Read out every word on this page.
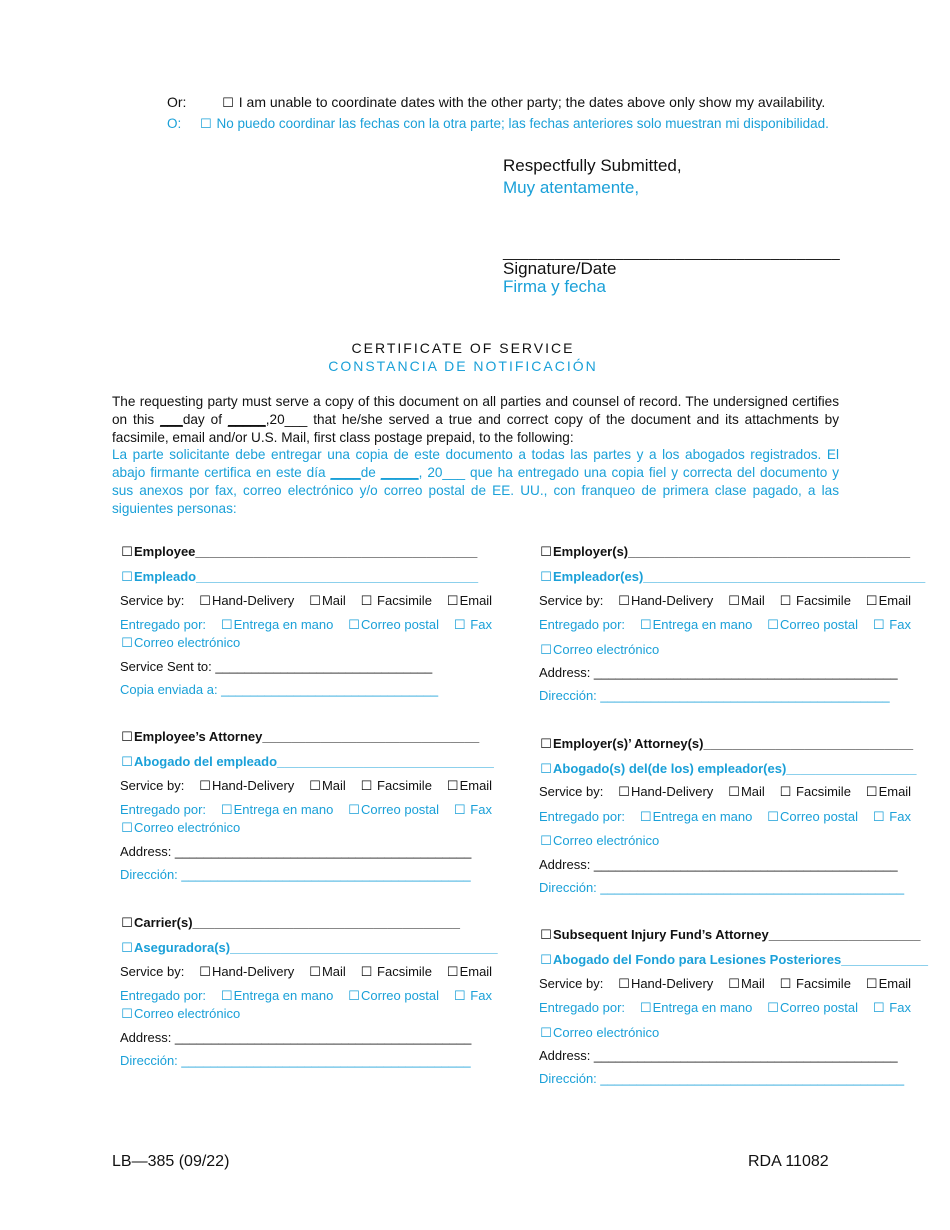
Or:	☐ I am unable to coordinate dates with the other party; the dates above only show my availability.
O: ☐ No puedo coordinar las fechas con la otra parte; las fechas anteriores solo muestran mi disponibilidad.
Respectfully Submitted,
Muy atentamente,
_______________________________________
Signature/Date
Firma y fecha
CERTIFICATE OF SERVICE
CONSTANCIA DE NOTIFICACIÓN
The requesting party must serve a copy of this document on all parties and counsel of record. The undersigned certifies on this ___day of _____,20___ that he/she served a true and correct copy of the document and its attachments by facsimile, email and/or U.S. Mail, first class postage prepaid, to the following:
La parte solicitante debe entregar una copia de este documento a todas las partes y a los abogados registrados. El abajo firmante certifica en este día ____de _____, 20___ que ha entregado una copia fiel y correcta del documento y sus anexos por fax, correo electrónico y/o correo postal de EE. UU., con franqueo de primera clase pagado, a las siguientes personas:
☐Employee_______________________________________
☐Empleado_______________________________________
Service by: ☐Hand-Delivery ☐Mail ☐ Facsimile ☐Email
Entregado por: ☐Entrega en mano ☐Correo postal ☐ Fax
☐Correo electrónico
Service Sent to: ______________________________
Copia enviada a: ______________________________
☐Employee’s Attorney______________________________
☐Abogado del empleado______________________________
Service by: ☐Hand-Delivery ☐Mail ☐ Facsimile ☐Email
Entregado por: ☐Entrega en mano ☐Correo postal ☐ Fax
☐Correo electrónico
Address: _________________________________________
Dirección: ________________________________________
☐Carrier(s)_____________________________________
☐Aseguradora(s)_____________________________________
Service by: ☐Hand-Delivery ☐Mail ☐ Facsimile ☐Email
Entregado por: ☐Entrega en mano ☐Correo postal ☐ Fax
☐Correo electrónico
Address: _________________________________________
Dirección: ________________________________________
☐Employer(s)_______________________________________
☐Empleador(es)_______________________________________
Service by: ☐Hand-Delivery ☐Mail ☐ Facsimile ☐Email
Entregado por: ☐Entrega en mano ☐Correo postal ☐ Fax
☐Correo electrónico
Address: __________________________________________
Dirección: ________________________________________
☐Employer(s)’ Attorney(s)_____________________________
☐Abogado(s) del(de los) empleador(es)__________________
Service by: ☐Hand-Delivery ☐Mail ☐ Facsimile ☐Email
Entregado por: ☐Entrega en mano ☐Correo postal ☐ Fax
☐Correo electrónico
Address: __________________________________________
Dirección: __________________________________________
☐Subsequent Injury Fund’s Attorney_____________________
☐Abogado del Fondo para Lesiones Posteriores____________
Service by: ☐Hand-Delivery ☐Mail ☐ Facsimile ☐Email
Entregado por: ☐Entrega en mano ☐Correo postal ☐ Fax
☐Correo electrónico
Address: __________________________________________
Dirección: __________________________________________
LB—385 (09/22)	RDA 11082
